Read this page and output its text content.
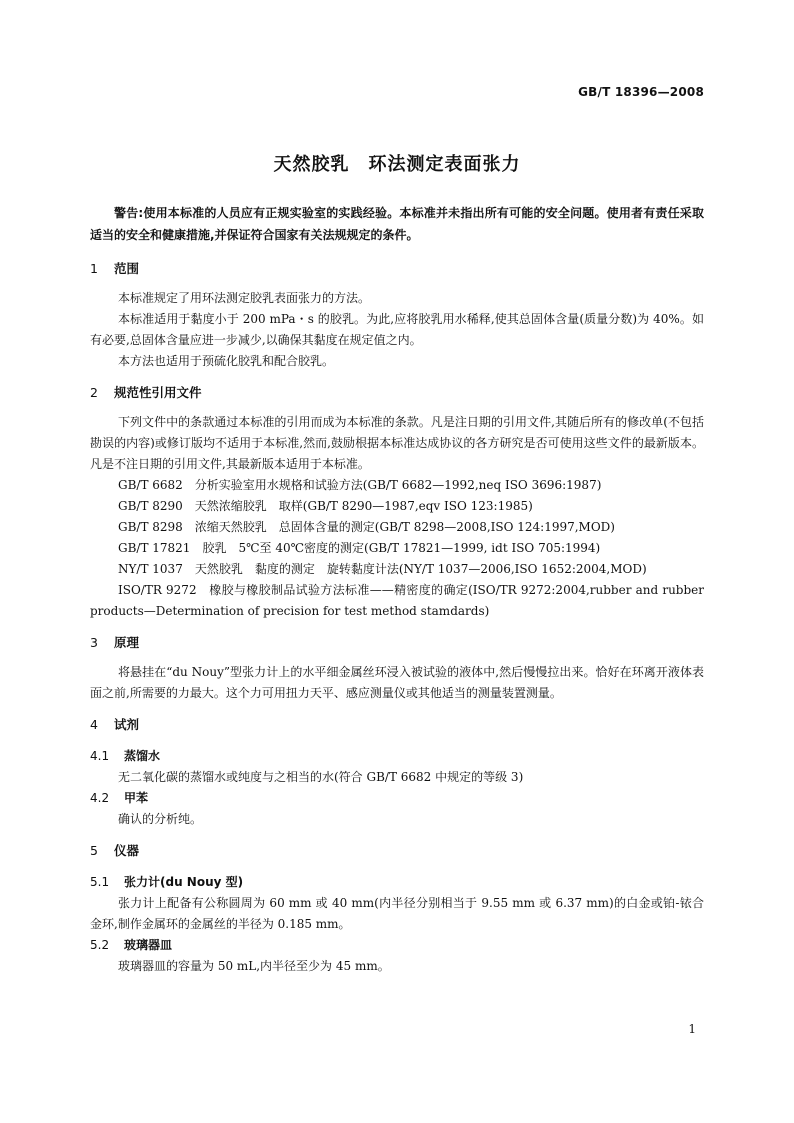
GB/T 18396—2008
天然胶乳　环法测定表面张力

警告:使用本标准的人员应有正规实验室的实践经验。本标准并未指出所有可能的安全问题。使用者有责任采取适当的安全和健康措施,并保证符合国家有关法规规定的条件。

1 范围

本标准规定了用环法测定胶乳表面张力的方法。

本标准适用于黏度小于 200 mPa・s 的胶乳。为此,应将胶乳用水稀释,使其总固体含量(质量分数)为 40%。如有必要,总固体含量应进一步减少,以确保其黏度在规定值之内。

本方法也适用于预硫化胶乳和配合胶乳。

2 规范性引用文件

下列文件中的条款通过本标准的引用而成为本标准的条款。凡是注日期的引用文件,其随后所有的修改单(不包括勘误的内容)或修订版均不适用于本标准,然而,鼓励根据本标准达成协议的各方研究是否可使用这些文件的最新版本。凡是不注日期的引用文件,其最新版本适用于本标准。

GB/T 6682　分析实验室用水规格和试验方法(GB/T 6682—1992,neq ISO 3696:1987)

GB/T 8290　天然浓缩胶乳　取样(GB/T 8290—1987,eqv ISO 123:1985)

GB/T 8298　浓缩天然胶乳　总固体含量的测定(GB/T 8298—2008,ISO 124:1997,MOD)

GB/T 17821　胶乳　5℃至 40℃密度的测定(GB/T 17821—1999, idt ISO 705:1994)

NY/T 1037　天然胶乳　黏度的测定　旋转黏度计法(NY/T 1037—2006,ISO 1652:2004,MOD)

ISO/TR 9272　橡胶与橡胶制品试验方法标准——精密度的确定(ISO/TR 9272:2004,rubber and rubber products—Determination of precision for test method stamdards)

3 原理

将悬挂在“du Nouy”型张力计上的水平细金属丝环浸入被试验的液体中,然后慢慢拉出来。恰好在环离开液体表面之前,所需要的力最大。这个力可用扭力天平、感应测量仪或其他适当的测量装置测量。

4 试剂
4.1 蒸馏水

无二氧化碳的蒸馏水或纯度与之相当的水(符合 GB/T 6682 中规定的等级 3)

4.2 甲苯

确认的分析纯。

5 仪器
5.1 张力计(du Nouy 型)

张力计上配备有公称圆周为 60 mm 或 40 mm(内半径分别相当于 9.55 mm 或 6.37 mm)的白金或铂-铱合金环,制作金属环的金属丝的半径为 0.185 mm。

5.2 玻璃器皿

玻璃器皿的容量为 50 mL,内半径至少为 45 mm。

1
